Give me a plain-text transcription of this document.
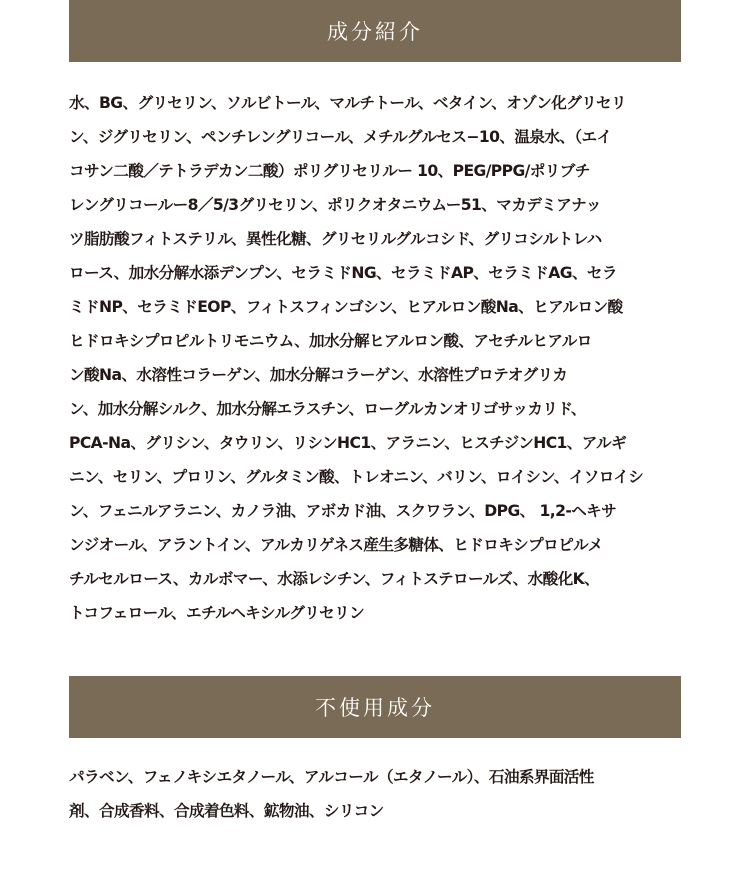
成分紹介
水、BG、グリセリン、ソルビトール、マルチトール、ベタイン、オゾン化グリセリ
ン、ジグリセリン、ペンチレングリコール、メチルグルセス−10、温泉水、（エイ
コサン二酸／テトラデカン二酸）ポリグリセリルー 10、PEG/PPG/ポリブチ
レングリコールー8／5/3グリセリン、ポリクオタニウムー51、マカデミアナッ
ツ脂肪酸フィトステリル、異性化糖、グリセリルグルコシド、グリコシルトレハ
ロース、加水分解水添デンプン、セラミドNG、セラミドAP、セラミドAG、セラ
ミドNP、セラミドEOP、フィトスフィンゴシン、ヒアルロン酸Na、ヒアルロン酸
ヒドロキシプロピルトリモニウム、加水分解ヒアルロン酸、アセチルヒアルロ
ン酸Na、水溶性コラーゲン、加水分解コラーゲン、水溶性プロテオグリカ
ン、加水分解シルク、加水分解エラスチン、ローグルカンオリゴサッカリド、
PCA-Na、グリシン、タウリン、リシンHC1、アラニン、ヒスチジンHC1、アルギ
ニン、セリン、プロリン、グルタミン酸、トレオニン、バリン、ロイシン、イソロイシ
ン、フェニルアラニン、カノラ油、アボカド油、スクワラン、DPG、 1,2-ヘキサ
ンジオール、アラントイン、アルカリゲネス産生多糖体、ヒドロキシプロピルメ
チルセルロース、カルボマー、水添レシチン、フィトステロールズ、水酸化K、
トコフェロール、エチルヘキシルグリセリン
不使用成分
パラベン、フェノキシエタノール、アルコール（エタノール）、石油系界面活性
剤、合成香料、合成着色料、鉱物油、シリコン
